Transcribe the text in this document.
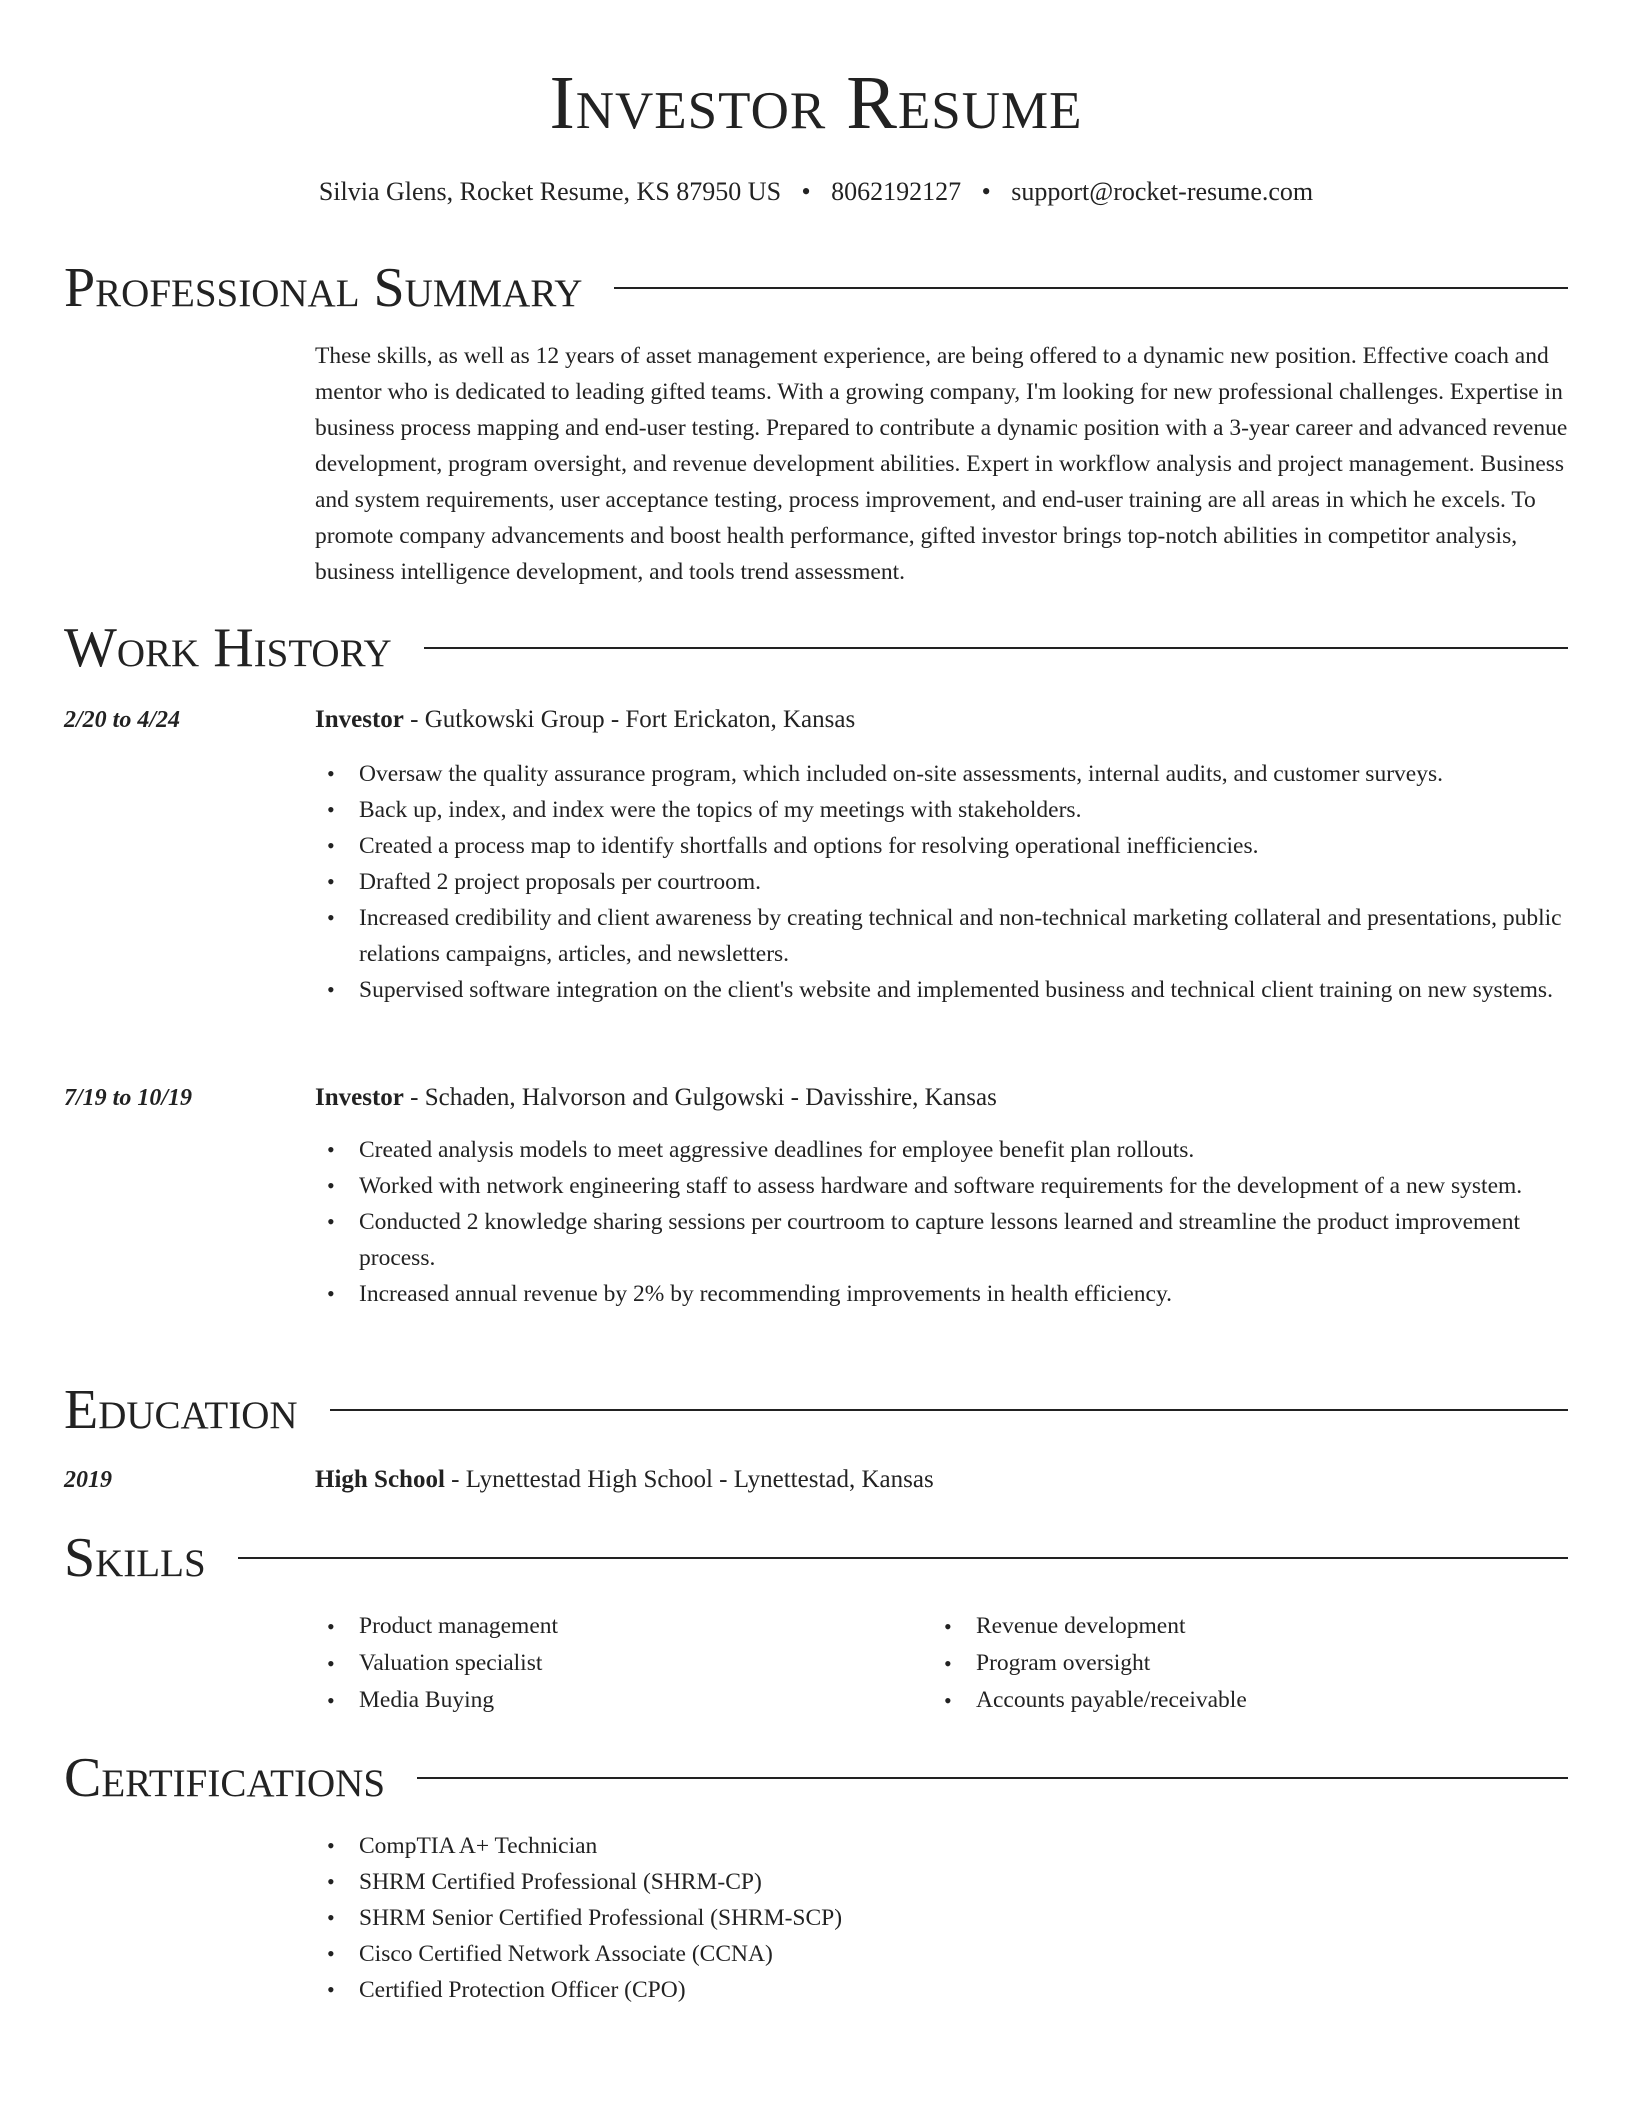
Investor Resume
Silvia Glens, Rocket Resume, KS 87950 US • 8062192127 • support@rocket-resume.com
Professional Summary

These skills, as well as 12 years of asset management experience, are being offered to a dynamic new position. Effective coach and mentor who is dedicated to leading gifted teams. With a growing company, I'm looking for new professional challenges. Expertise in business process mapping and end-user testing. Prepared to contribute a dynamic position with a 3-year career and advanced revenue development, program oversight, and revenue development abilities. Expert in workflow analysis and project management. Business and system requirements, user acceptance testing, process improvement, and end-user training are all areas in which he excels. To promote company advancements and boost health performance, gifted investor brings top-notch abilities in competitor analysis, business intelligence development, and tools trend assessment.

Work History
2/20 to 4/24	Investor - Gutkowski Group - Fort Erickaton, Kansas
• Oversaw the quality assurance program, which included on-site assessments, internal audits, and customer surveys.
• Back up, index, and index were the topics of my meetings with stakeholders.
• Created a process map to identify shortfalls and options for resolving operational inefficiencies.
• Drafted 2 project proposals per courtroom.
• Increased credibility and client awareness by creating technical and non-technical marketing collateral and presentations, public relations campaigns, articles, and newsletters.
• Supervised software integration on the client's website and implemented business and technical client training on new systems.
7/19 to 10/19	Investor - Schaden, Halvorson and Gulgowski - Davisshire, Kansas
• Created analysis models to meet aggressive deadlines for employee benefit plan rollouts.
• Worked with network engineering staff to assess hardware and software requirements for the development of a new system.
• Conducted 2 knowledge sharing sessions per courtroom to capture lessons learned and streamline the product improvement process.
• Increased annual revenue by 2% by recommending improvements in health efficiency.
Education
2019	High School - Lynettestad High School - Lynettestad, Kansas
Skills
• Product management
• Valuation specialist
• Media Buying
• Revenue development
• Program oversight
• Accounts payable/receivable
Certifications
• CompTIA A+ Technician
• SHRM Certified Professional (SHRM-CP)
• SHRM Senior Certified Professional (SHRM-SCP)
• Cisco Certified Network Associate (CCNA)
• Certified Protection Officer (CPO)
